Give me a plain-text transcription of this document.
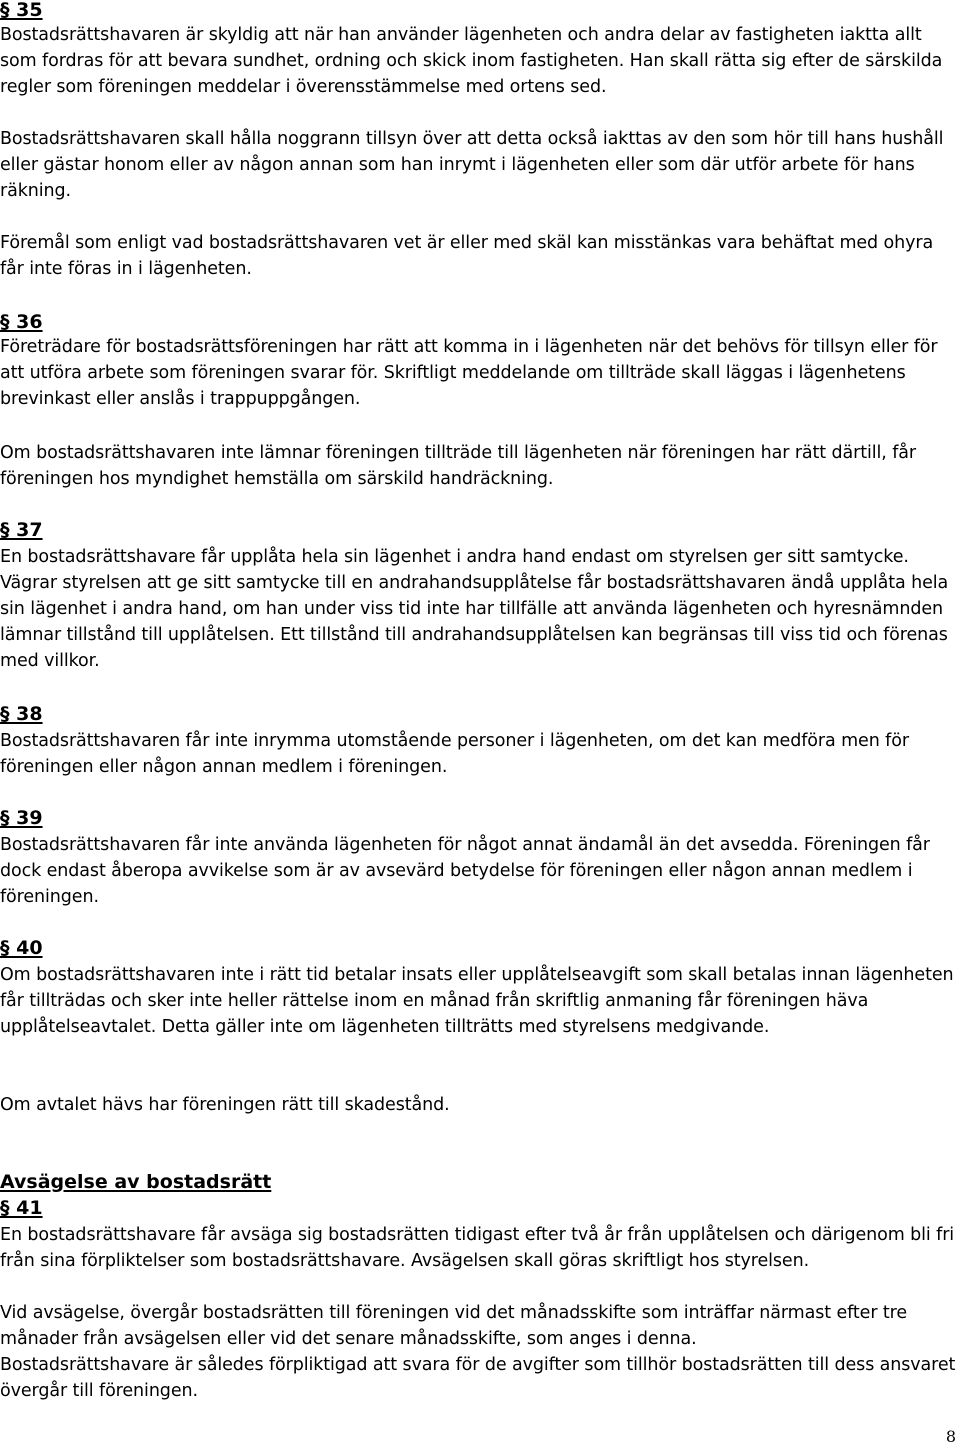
§ 35

Bostadsrättshavaren är skyldig att när han använder lägenheten och andra delar av fastigheten iaktta allt som fordras för att bevara sundhet, ordning och skick inom fastigheten. Han skall rätta sig efter de särskilda regler som föreningen meddelar i överensstämmelse med ortens sed.

Bostadsrättshavaren skall hålla noggrann tillsyn över att detta också iakttas av den som hör till hans hushåll eller gästar honom eller av någon annan som han inrymt i lägenheten eller som där utför arbete för hans räkning.

Föremål som enligt vad bostadsrättshavaren vet är eller med skäl kan misstänkas vara behäftat med ohyra får inte föras in i lägenheten.

§ 36

Företrädare för bostadsrättsföreningen har rätt att komma in i lägenheten när det behövs för tillsyn eller för att utföra arbete som föreningen svarar för. Skriftligt meddelande om tillträde skall läggas i lägenhetens brevinkast eller anslås i trappuppgången.

Om bostadsrättshavaren inte lämnar föreningen tillträde till lägenheten när föreningen har rätt därtill, får föreningen hos myndighet hemställa om särskild handräckning.

§ 37

En bostadsrättshavare får upplåta hela sin lägenhet i andra hand endast om styrelsen ger sitt samtycke. Vägrar styrelsen att ge sitt samtycke till en andrahandsupplåtelse får bostadsrättshavaren ändå upplåta hela sin lägenhet i andra hand, om han under viss tid inte har tillfälle att använda lägenheten och hyresnämnden lämnar tillstånd till upplåtelsen. Ett tillstånd till andrahandsupplåtelsen kan begränsas till viss tid och förenas med villkor.

§ 38

Bostadsrättshavaren får inte inrymma utomstående personer i lägenheten, om det kan medföra men för föreningen eller någon annan medlem i föreningen.

§ 39

Bostadsrättshavaren får inte använda lägenheten för något annat ändamål än det avsedda. Föreningen får dock endast åberopa avvikelse som är av avsevärd betydelse för föreningen eller någon annan medlem i föreningen.

§ 40

Om bostadsrättshavaren inte i rätt tid betalar insats eller upplåtelseavgift som skall betalas innan lägenheten får tillträdas och sker inte heller rättelse inom en månad från skriftlig anmaning får föreningen häva upplåtelseavtalet. Detta gäller inte om lägenheten tillträtts med styrelsens medgivande.

Om avtalet hävs har föreningen rätt till skadestånd.

Avsägelse av bostadsrätt
§ 41

En bostadsrättshavare får avsäga sig bostadsrätten tidigast efter två år från upplåtelsen och därigenom bli fri från sina förpliktelser som bostadsrättshavare. Avsägelsen skall göras skriftligt hos styrelsen.

Vid avsägelse, övergår bostadsrätten till föreningen vid det månadsskifte som inträffar närmast efter tre månader från avsägelsen eller vid det senare månadsskifte, som anges i denna.

Bostadsrättshavare är således förpliktigad att svara för de avgifter som tillhör bostadsrätten till dess ansvaret övergår till föreningen.

8
